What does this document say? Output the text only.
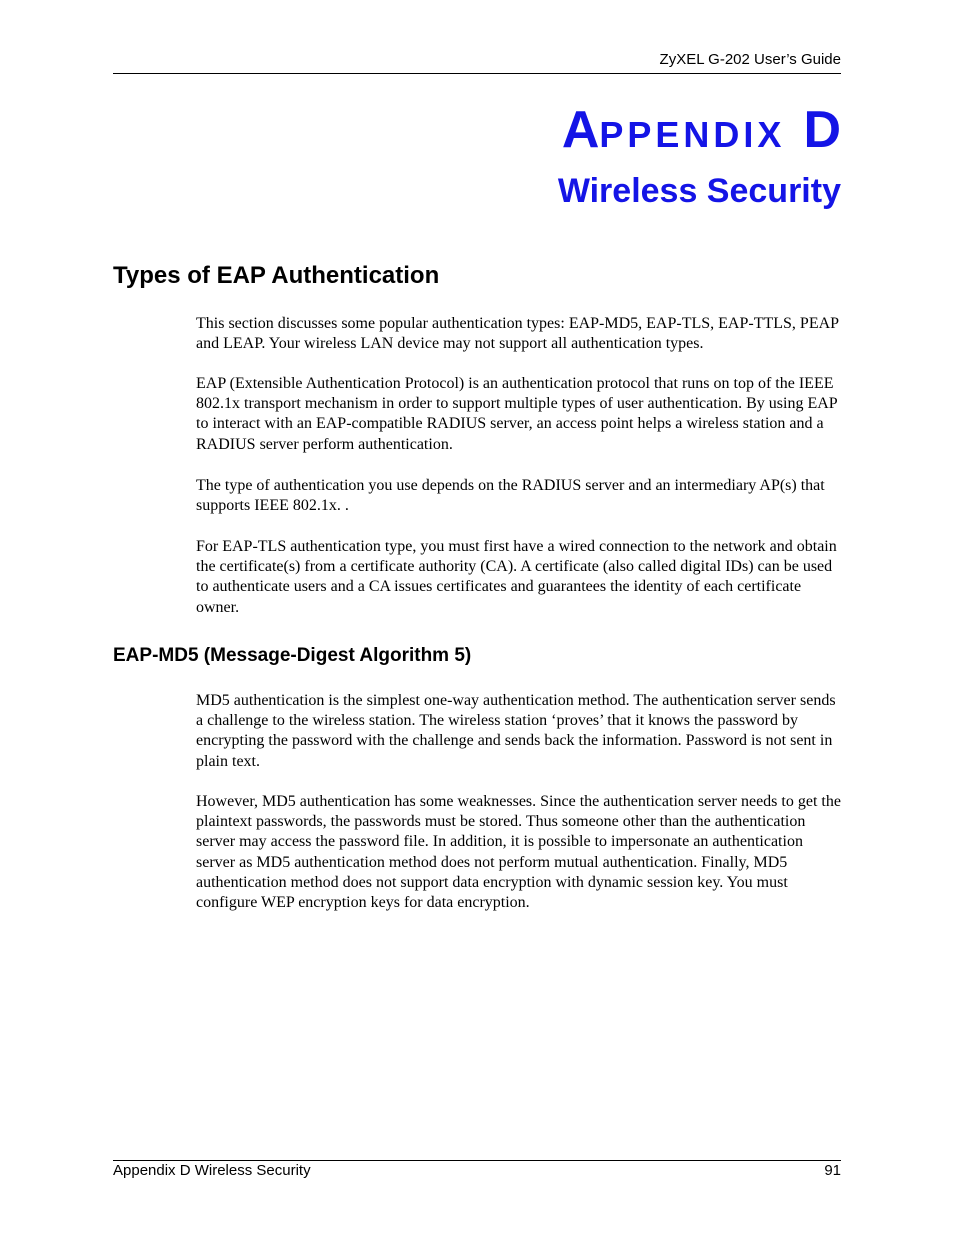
ZyXEL G-202 User’s Guide
APPENDIX D
Wireless Security
Types of EAP Authentication

This section discusses some popular authentication types: EAP-MD5, EAP-TLS, EAP-TTLS, PEAP and LEAP. Your wireless LAN device may not support all authentication types.

EAP (Extensible Authentication Protocol) is an authentication protocol that runs on top of the IEEE 802.1x transport mechanism in order to support multiple types of user authentication. By using EAP to interact with an EAP-compatible RADIUS server, an access point helps a wireless station and a RADIUS server perform authentication.

The type of authentication you use depends on the RADIUS server and an intermediary AP(s) that supports IEEE 802.1x. .

For EAP-TLS authentication type, you must first have a wired connection to the network and obtain the certificate(s) from a certificate authority (CA). A certificate (also called digital IDs) can be used to authenticate users and a CA issues certificates and guarantees the identity of each certificate owner.

EAP-MD5 (Message-Digest Algorithm 5)

MD5 authentication is the simplest one-way authentication method. The authentication server sends a challenge to the wireless station. The wireless station ‘proves’ that it knows the password by encrypting the password with the challenge and sends back the information. Password is not sent in plain text.

However, MD5 authentication has some weaknesses. Since the authentication server needs to get the plaintext passwords, the passwords must be stored. Thus someone other than the authentication server may access the password file. In addition, it is possible to impersonate an authentication server as MD5 authentication method does not perform mutual authentication. Finally, MD5 authentication method does not support data encryption with dynamic session key. You must configure WEP encryption keys for data encryption.

Appendix D Wireless Security	91
